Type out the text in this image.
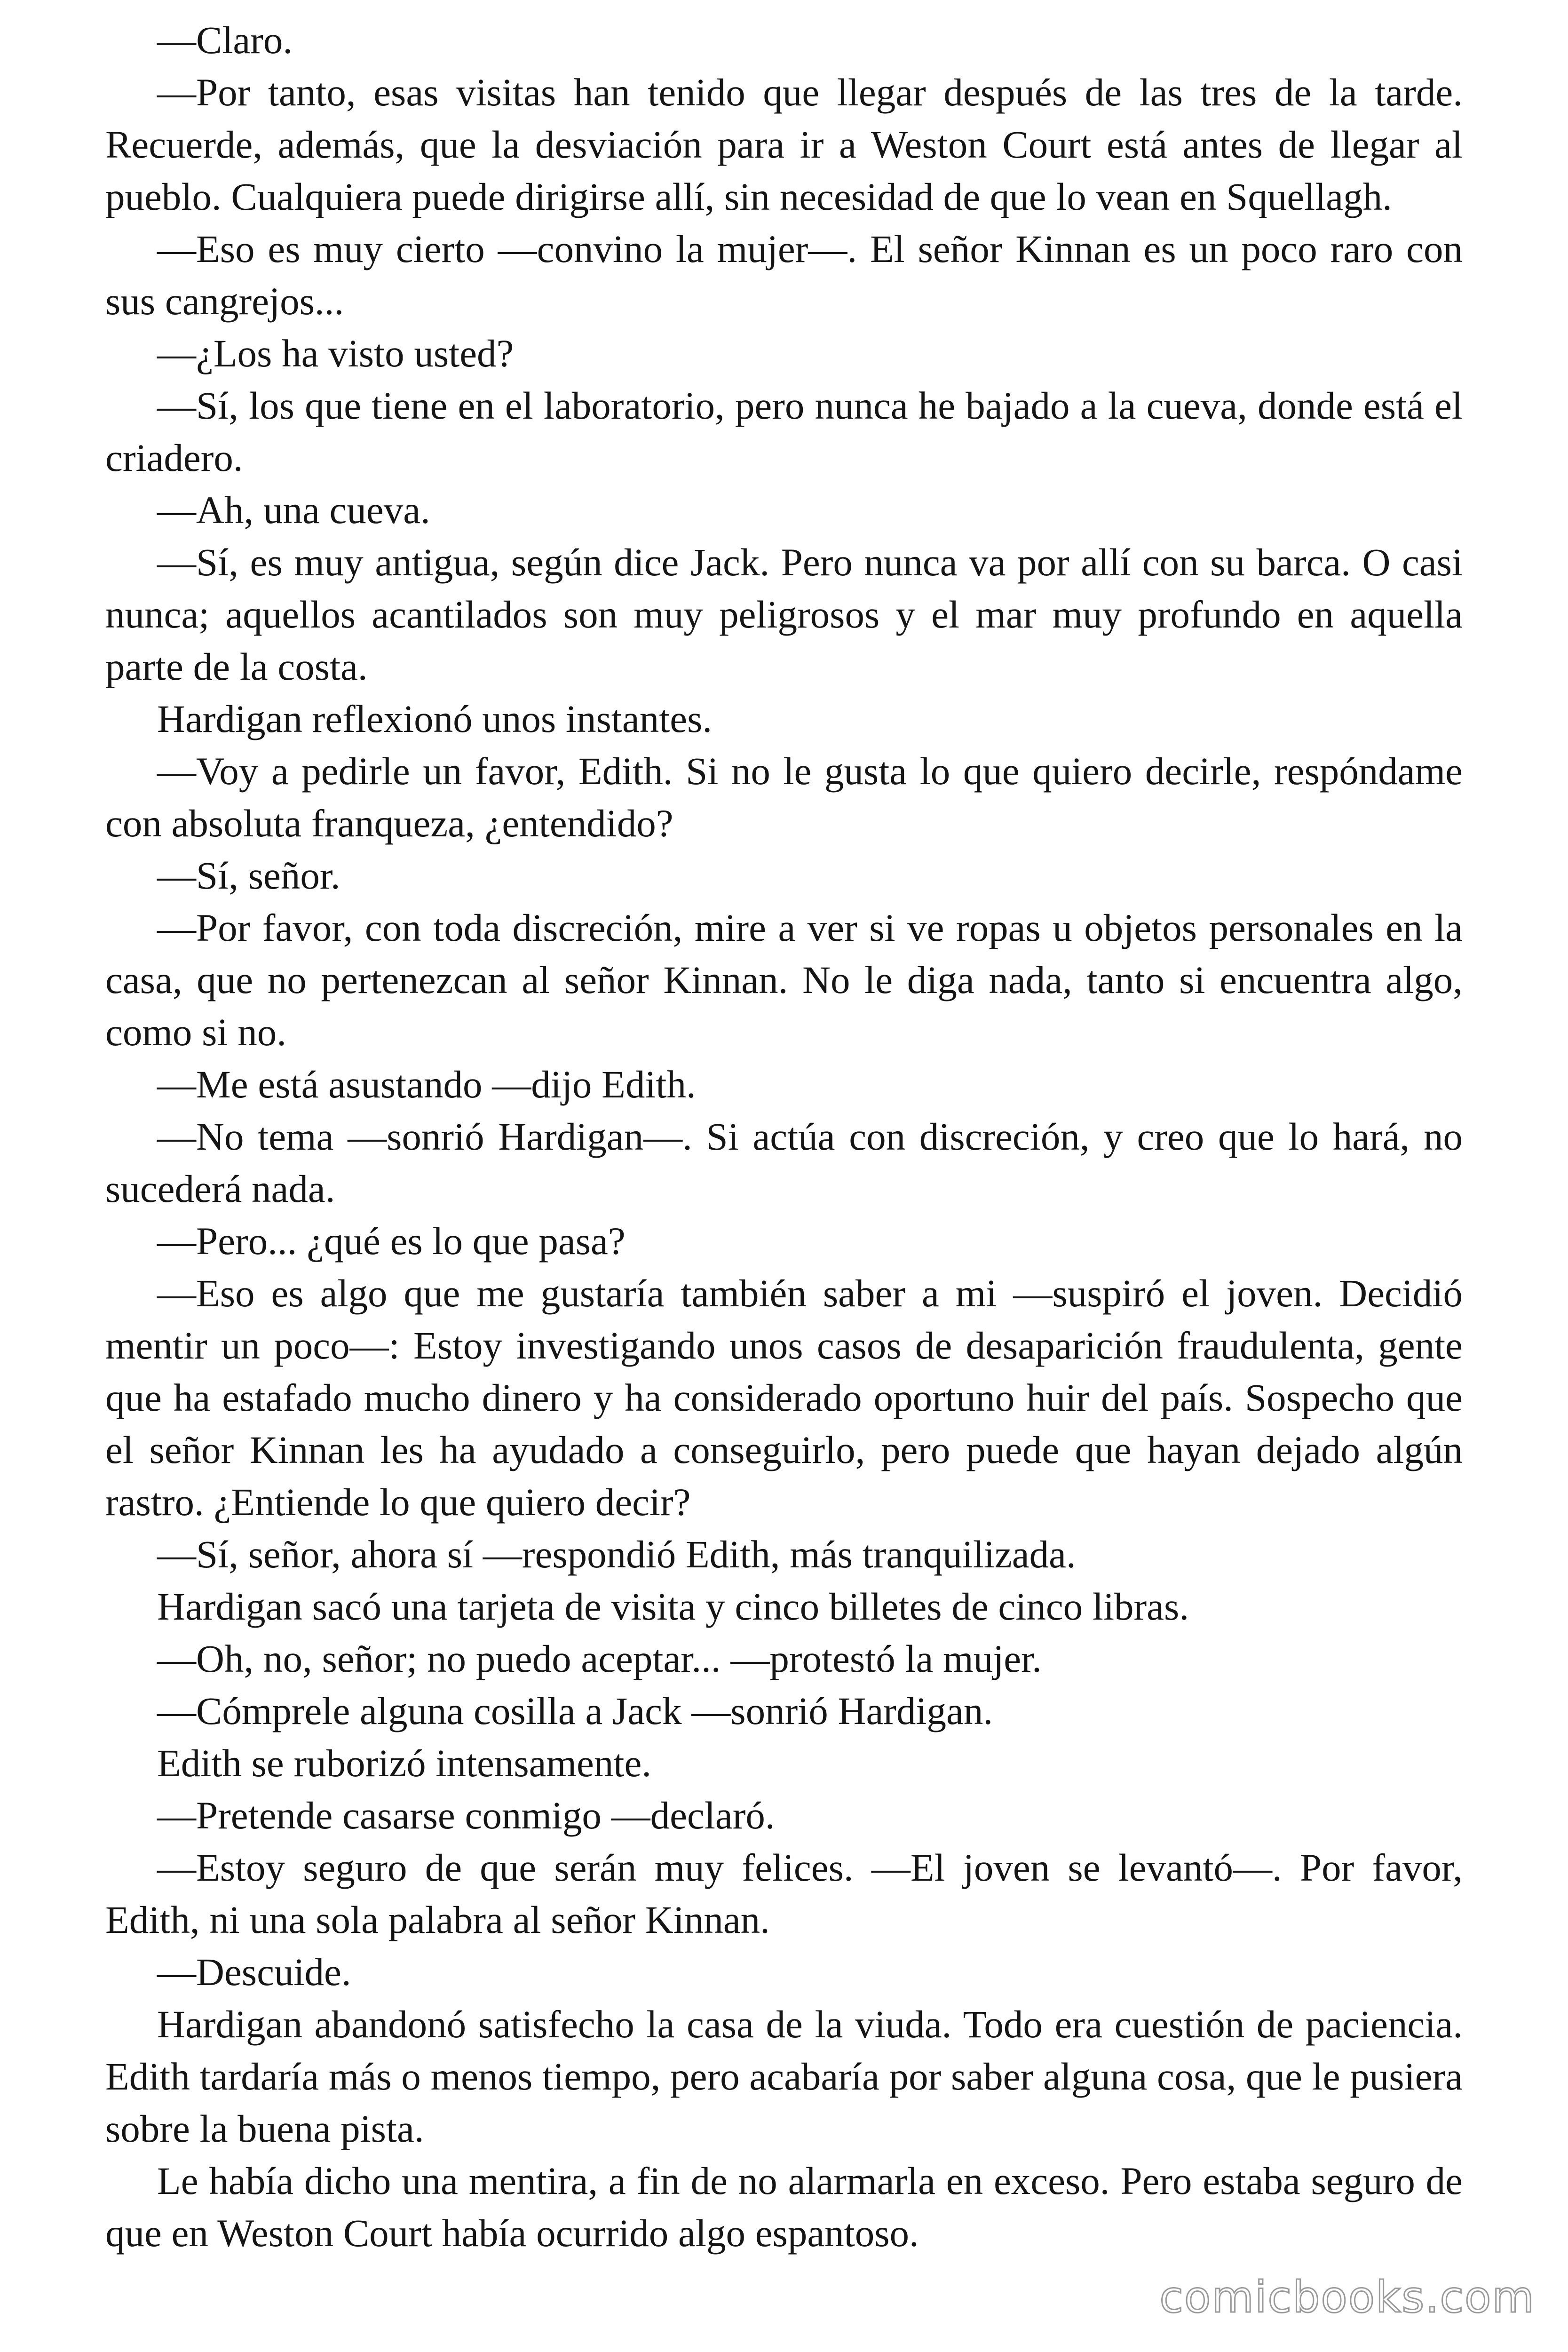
—Claro.

—Por tanto, esas visitas han tenido que llegar después de las tres de la tarde. Recuerde, además, que la desviación para ir a Weston Court está antes de llegar al pueblo. Cualquiera puede dirigirse allí, sin necesidad de que lo vean en Squellagh.

—Eso es muy cierto —convino la mujer—. El señor Kinnan es un poco raro con sus cangrejos...

—¿Los ha visto usted?

—Sí, los que tiene en el laboratorio, pero nunca he bajado a la cueva, donde está el criadero.

—Ah, una cueva.

—Sí, es muy antigua, según dice Jack. Pero nunca va por allí con su barca. O casi nunca; aquellos acantilados son muy peligrosos y el mar muy profundo en aquella parte de la costa.

Hardigan reflexionó unos instantes.

—Voy a pedirle un favor, Edith. Si no le gusta lo que quiero decirle, respóndame con absoluta franqueza, ¿entendido?

—Sí, señor.

—Por favor, con toda discreción, mire a ver si ve ropas u objetos personales en la casa, que no pertenezcan al señor Kinnan. No le diga nada, tanto si encuentra algo, como si no.

—Me está asustando —dijo Edith.

—No tema —sonrió Hardigan—. Si actúa con discreción, y creo que lo hará, no sucederá nada.

—Pero... ¿qué es lo que pasa?

—Eso es algo que me gustaría también saber a mi —suspiró el joven. Decidió mentir un poco—: Estoy investigando unos casos de desaparición fraudulenta, gente que ha estafado mucho dinero y ha considerado oportuno huir del país. Sospecho que el señor Kinnan les ha ayudado a conseguirlo, pero puede que hayan dejado algún rastro. ¿Entiende lo que quiero decir?

—Sí, señor, ahora sí —respondió Edith, más tranquilizada.

Hardigan sacó una tarjeta de visita y cinco billetes de cinco libras.

—Oh, no, señor; no puedo aceptar... —protestó la mujer.

—Cómprele alguna cosilla a Jack —sonrió Hardigan.

Edith se ruborizó intensamente.

—Pretende casarse conmigo —declaró.

—Estoy seguro de que serán muy felices. —El joven se levantó—. Por favor, Edith, ni una sola palabra al señor Kinnan.

—Descuide.

Hardigan abandonó satisfecho la casa de la viuda. Todo era cuestión de paciencia. Edith tardaría más o menos tiempo, pero acabaría por saber alguna cosa, que le pusiera sobre la buena pista.

Le había dicho una mentira, a fin de no alarmarla en exceso. Pero estaba seguro de que en Weston Court había ocurrido algo espantoso.

comicbooks.com
